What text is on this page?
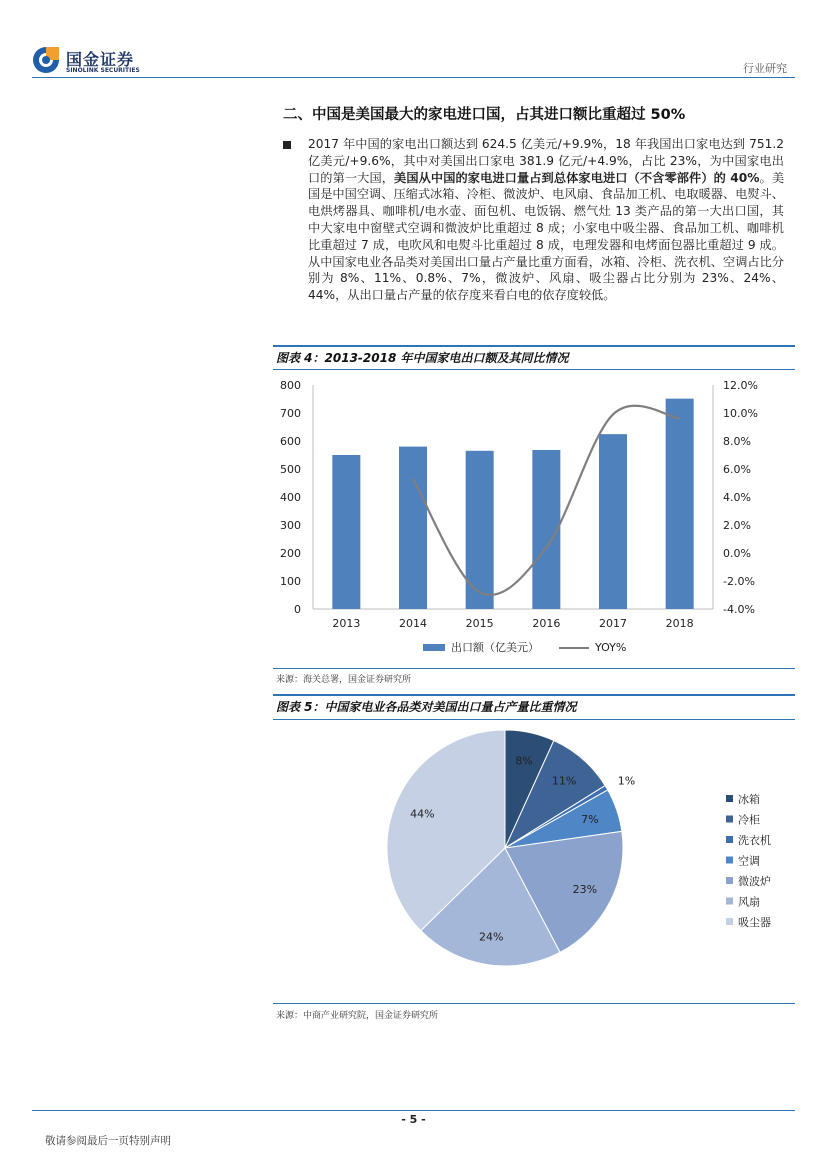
国金证券
SINOLINK SECURITIES	行业研究
二、中国是美国最大的家电进口国，占其进口额比重超过 50%
2017 年中国的家电出口额达到 624.5 亿美元/+9.9%，18 年我国出口家电达到 751.2 亿美元/+9.6%，其中对美国出口家电 381.9 亿元/+4.9%，占比 23%，为中国家电出口的第一大国，美国从中国的家电进口量占到总体家电进口（不含零部件）的 40%。美国是中国空调、压缩式冰箱、冷柜、微波炉、电风扇、食品加工机、电取暖器、电熨斗、电烘烤器具、咖啡机/电水壶、面包机、电饭锅、燃气灶 13 类产品的第一大出口国，其中大家电中窗壁式空调和微波炉比重超过 8 成；小家电中吸尘器、食品加工机、咖啡机比重超过 7 成，电吹风和电熨斗比重超过 8 成，电理发器和电烤面包器比重超过 9 成。从中国家电业各品类对美国出口量占产量比重方面看，冰箱、冷柜、洗衣机、空调占比分别为 8%、11%、0.8%、7%，微波炉、风扇、吸尘器占比分别为 23%、24%、44%，从出口量占产量的依存度来看白电的依存度较低。
图表 4：2013-2018 年中国家电出口额及其同比情况
0
100
200
300
400
500
600
700
800
-4.0%
-2.0%
0.0%
2.0%
4.0%
6.0%
8.0%
10.0%
12.0%
2013	2014	2015	2016	2017	2018
出口额（亿美元）	YOY%
来源：海关总署，国金证券研究所
图表 5：中国家电业各品类对美国出口量占产量比重情况
8%
11%	1%
7%
23%
24%
44%
冰箱
冷柜
洗衣机
空调
微波炉
风扇
吸尘器
来源：中商产业研究院，国金证券研究所
- 5 -
敬请参阅最后一页特别声明
